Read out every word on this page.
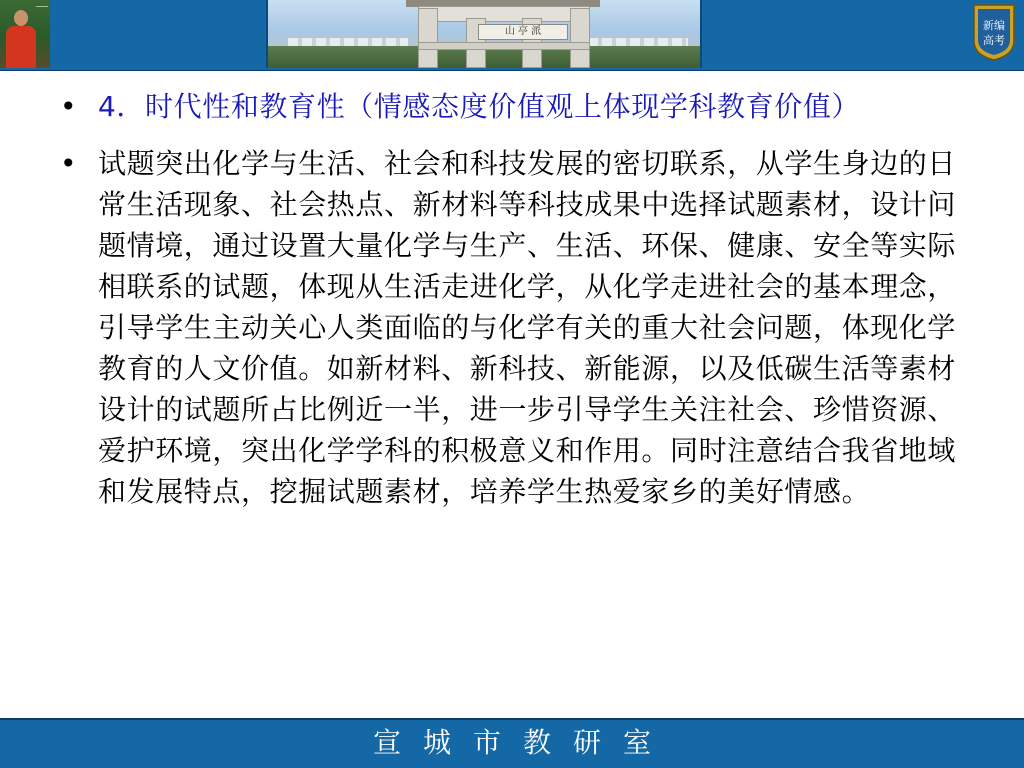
山 亭 派	新编
高考
• 4．时代性和教育性（情感态度价值观上体现学科教育价值）
• 试题突出化学与生活、社会和科技发展的密切联系，从学生身边的日常生活现象、社会热点、新材料等科技成果中选择试题素材，设计问题情境，通过设置大量化学与生产、生活、环保、健康、安全等实际相联系的试题，体现从生活走进化学，从化学走进社会的基本理念，引导学生主动关心人类面临的与化学有关的重大社会问题，体现化学教育的人文价值。如新材料、新科技、新能源，以及低碳生活等素材设计的试题所占比例近一半，进一步引导学生关注社会、珍惜资源、爱护环境，突出化学学科的积极意义和作用。同时注意结合我省地域和发展特点，挖掘试题素材，培养学生热爱家乡的美好情感。
宣城市教研室
